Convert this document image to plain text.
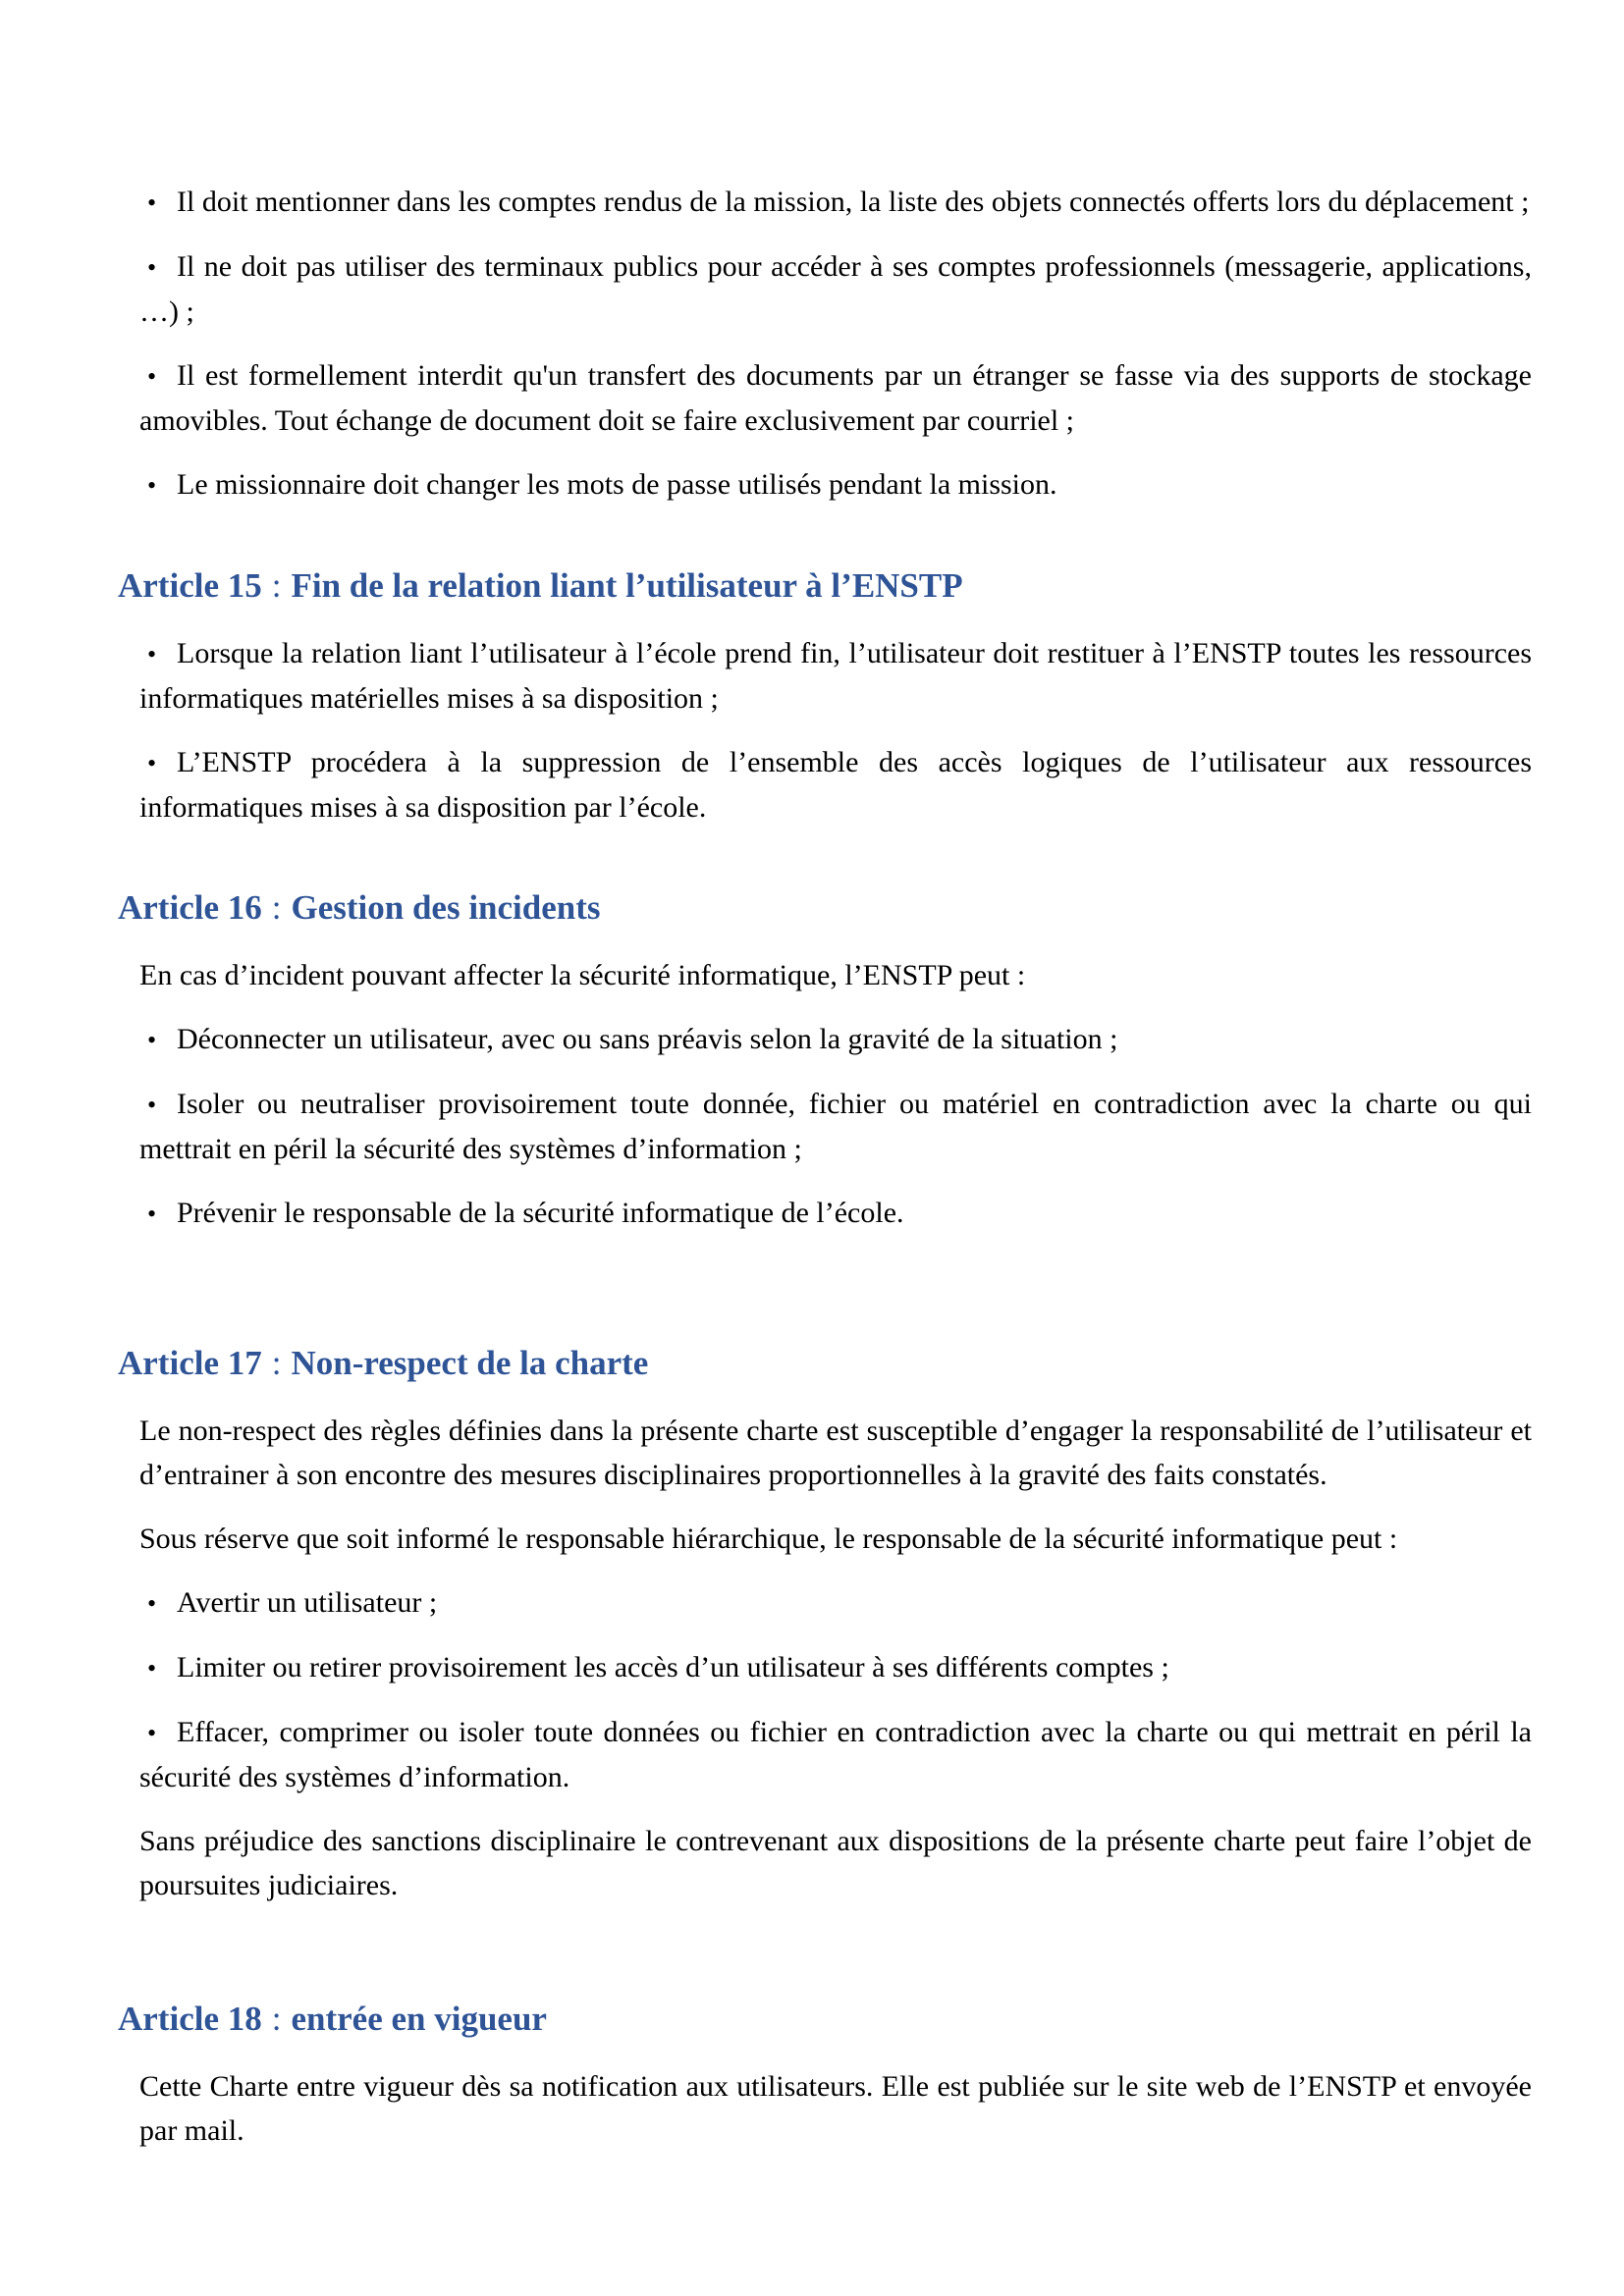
• Il doit mentionner dans les comptes rendus de la mission, la liste des objets connectés offerts lors du déplacement ;
• Il ne doit pas utiliser des terminaux publics pour accéder à ses comptes professionnels (messagerie, applications, …) ;
• Il est formellement interdit qu'un transfert des documents par un étranger se fasse via des supports de stockage amovibles. Tout échange de document doit se faire exclusivement par courriel ;
• Le missionnaire doit changer les mots de passe utilisés pendant la mission.
Article 15 : Fin de la relation liant l’utilisateur à l’ENSTP
• Lorsque la relation liant l’utilisateur à l’école prend fin, l’utilisateur doit restituer à l’ENSTP toutes les ressources informatiques matérielles mises à sa disposition ;
• L’ENSTP procédera à la suppression de l’ensemble des accès logiques de l’utilisateur aux ressources informatiques mises à sa disposition par l’école.
Article 16 : Gestion des incidents
En cas d’incident pouvant affecter la sécurité informatique, l’ENSTP peut :
• Déconnecter un utilisateur, avec ou sans préavis selon la gravité de la situation ;
• Isoler ou neutraliser provisoirement toute donnée, fichier ou matériel en contradiction avec la charte ou qui mettrait en péril la sécurité des systèmes d’information ;
• Prévenir le responsable de la sécurité informatique de l’école.
Article 17 : Non-respect de la charte
Le non-respect des règles définies dans la présente charte est susceptible d’engager la responsabilité de l’utilisateur et d’entrainer à son encontre des mesures disciplinaires proportionnelles à la gravité des faits constatés.
Sous réserve que soit informé le responsable hiérarchique, le responsable de la sécurité informatique peut :
• Avertir un utilisateur ;
• Limiter ou retirer provisoirement les accès d’un utilisateur à ses différents comptes ;
• Effacer, comprimer ou isoler toute données ou fichier en contradiction avec la charte ou qui mettrait en péril la sécurité des systèmes d’information.
Sans préjudice des sanctions disciplinaire le contrevenant aux dispositions de la présente charte peut faire l’objet de poursuites judiciaires.
Article 18 : entrée en vigueur
Cette Charte entre vigueur dès sa notification aux utilisateurs. Elle est publiée sur le site web de l’ENSTP et envoyée par mail.
